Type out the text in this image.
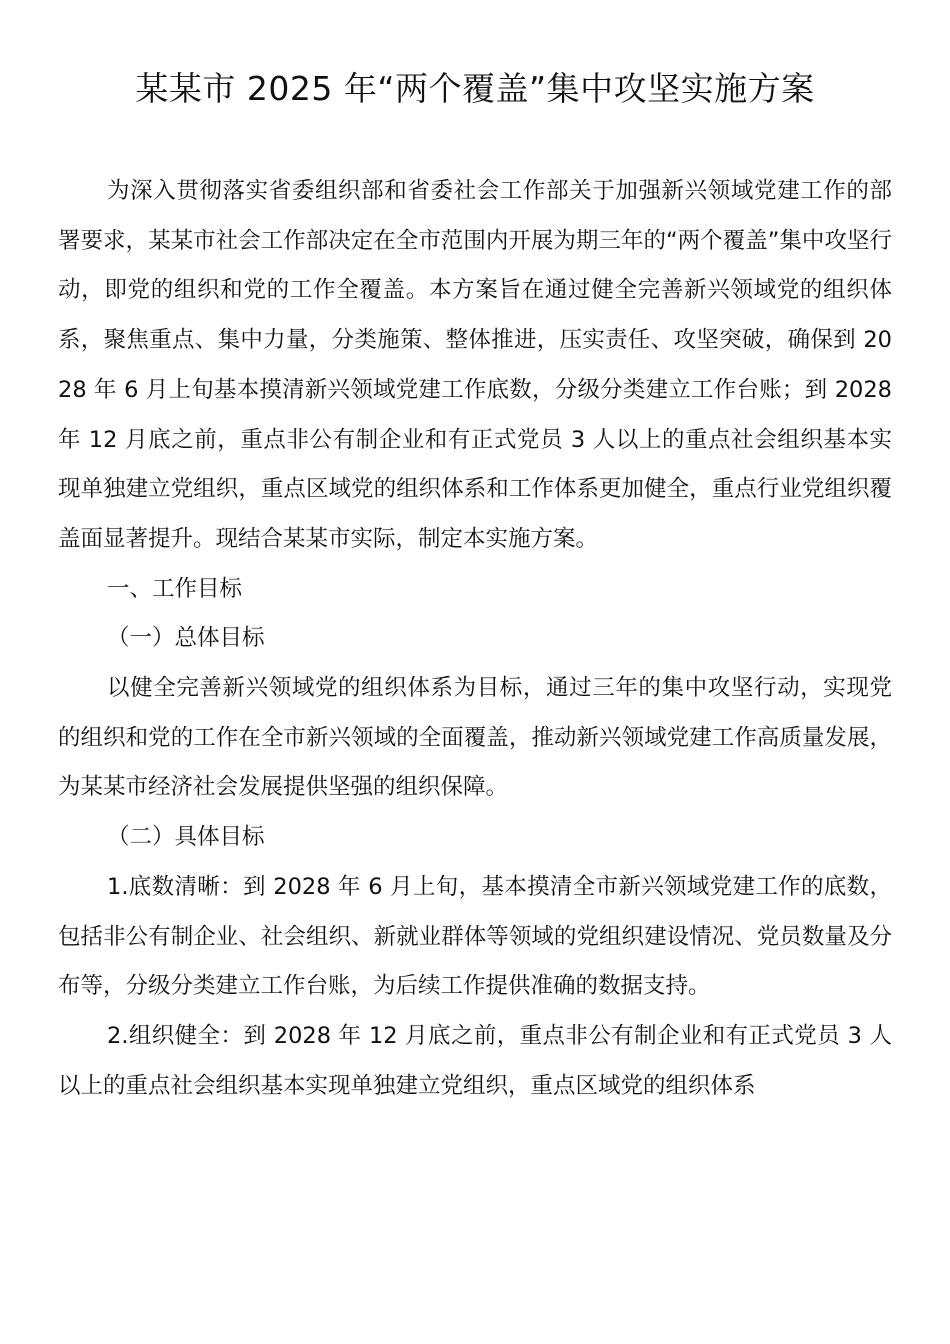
某某市 2025 年“两个覆盖”集中攻坚实施方案

为深入贯彻落实省委组织部和省委社会工作部关于加强新兴领域党建工作的部署要求，某某市社会工作部决定在全市范围内开展为期三年的“两个覆盖”集中攻坚行动，即党的组织和党的工作全覆盖。本方案旨在通过健全完善新兴领域党的组织体系，聚焦重点、集中力量，分类施策、整体推进，压实责任、攻坚突破，确保到 2028 年 6 月上旬基本摸清新兴领域党建工作底数，分级分类建立工作台账；到 2028 年 12 月底之前，重点非公有制企业和有正式党员 3 人以上的重点社会组织基本实现单独建立党组织，重点区域党的组织体系和工作体系更加健全，重点行业党组织覆盖面显著提升。现结合某某市实际，制定本实施方案。

一、工作目标

（一）总体目标

以健全完善新兴领域党的组织体系为目标，通过三年的集中攻坚行动，实现党的组织和党的工作在全市新兴领域的全面覆盖，推动新兴领域党建工作高质量发展，为某某市经济社会发展提供坚强的组织保障。

（二）具体目标

1.底数清晰：到 2028 年 6 月上旬，基本摸清全市新兴领域党建工作的底数，包括非公有制企业、社会组织、新就业群体等领域的党组织建设情况、党员数量及分布等，分级分类建立工作台账，为后续工作提供准确的数据支持。

2.组织健全：到 2028 年 12 月底之前，重点非公有制企业和有正式党员 3 人以上的重点社会组织基本实现单独建立党组织，重点区域党的组织体系
